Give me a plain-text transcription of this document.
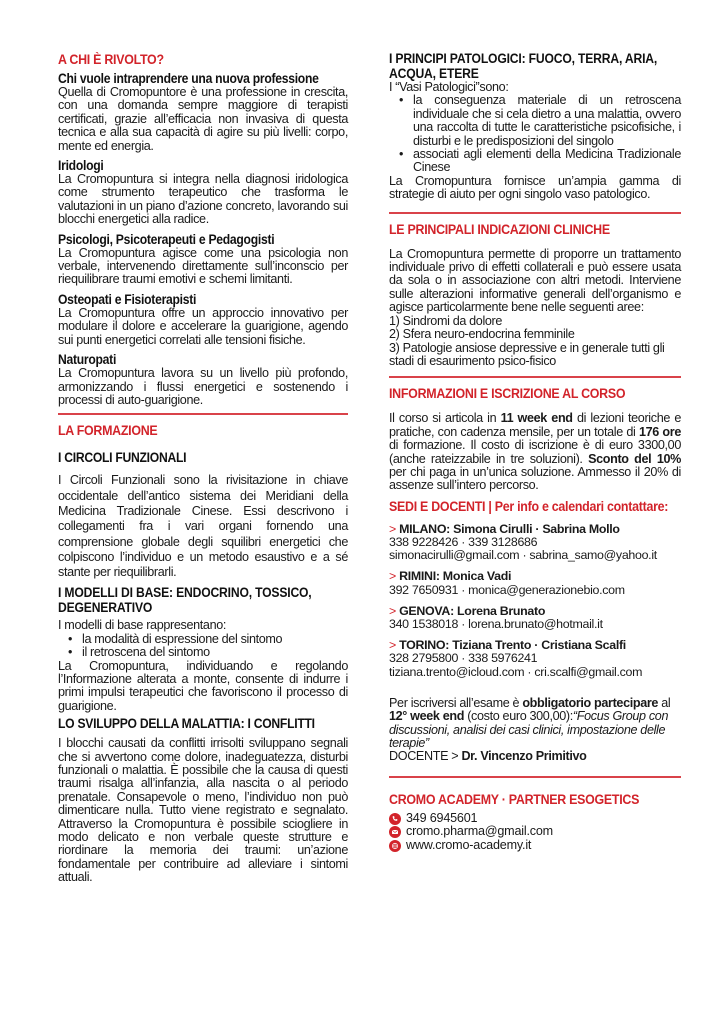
A CHI È RIVOLTO?
Chi vuole intraprendere una nuova professione
Quella di Cromopuntore è una professione in crescita, con una domanda sempre maggiore di terapisti certificati, grazie all’efficacia non invasiva di questa tecnica e alla sua capacità di agire su più livelli: corpo, mente ed energia.
Iridologi
La Cromopuntura si integra nella diagnosi iridologica come strumento terapeutico che trasforma le valutazioni in un piano d’azione concreto, lavorando sui blocchi energetici alla radice.
Psicologi, Psicoterapeuti e Pedagogisti
La Cromopuntura agisce come una psicologia non verbale, intervenendo direttamente sull’inconscio per riequilibrare traumi emotivi e schemi limitanti.
Osteopati e Fisioterapisti
La Cromopuntura offre un approccio innovativo per modulare il dolore e accelerare la guarigione, agendo sui punti energetici correlati alle tensioni fisiche.
Naturopati
La Cromopuntura lavora su un livello più profondo, armonizzando i flussi energetici e sostenendo i processi di auto-guarigione.
LA FORMAZIONE
I CIRCOLI FUNZIONALI
I Circoli Funzionali sono la rivisitazione in chiave occidentale dell’antico sistema dei Meridiani della Medicina Tradizionale Cinese. Essi descrivono i collegamenti fra i vari organi fornendo una comprensione globale degli squilibri energetici che colpiscono l’individuo e un metodo esaustivo e a sé stante per riequilibrarli.
I MODELLI DI BASE: ENDOCRINO, TOSSICO, DEGENERATIVO
I modelli di base rappresentano:
• la modalità di espressione del sintomo
• il retroscena del sintomo
La Cromopuntura, individuando e regolando l’Informazione alterata a monte, consente di indurre i primi impulsi terapeutici che favoriscono il processo di guarigione.
LO SVILUPPO DELLA MALATTIA: I CONFLITTI
I blocchi causati da conflitti irrisolti sviluppano segnali che si avvertono come dolore, inadeguatezza, disturbi funzionali o malattia. È possibile che la causa di questi traumi risalga all’infanzia, alla nascita o al periodo prenatale. Consapevole o meno, l’individuo non può dimenticare nulla. Tutto viene registrato e segnalato. Attraverso la Cromopuntura è possibile sciogliere in modo delicato e non verbale queste strutture e riordinare la memoria dei traumi: un’azione fondamentale per contribuire ad alleviare i sintomi attuali.
I PRINCIPI PATOLOGICI: FUOCO, TERRA, ARIA, ACQUA, ETERE
I “Vasi Patologici”sono:
• la conseguenza materiale di un retroscena individuale che si cela dietro a una malattia, ovvero una raccolta di tutte le caratteristiche psicofisiche, i disturbi e le predisposizioni del singolo
• associati agli elementi della Medicina Tradizionale Cinese
La Cromopuntura fornisce un’ampia gamma di strategie di aiuto per ogni singolo vaso patologico.
LE PRINCIPALI INDICAZIONI CLINICHE
La Cromopuntura permette di proporre un trattamento individuale privo di effetti collaterali e può essere usata da sola o in associazione con altri metodi. Interviene sulle alterazioni informative generali dell’organismo e agisce particolarmente bene nelle seguenti aree:
1) Sindromi da dolore
2) Sfera neuro-endocrina femminile
3) Patologie ansiose depressive e in generale tutti gli stadi di esaurimento psico-fisico
INFORMAZIONI E ISCRIZIONE AL CORSO
Il corso si articola in 11 week end di lezioni teoriche e pratiche, con cadenza mensile, per un totale di 176 ore di formazione. Il costo di iscrizione è di euro 3300,00 (anche rateizzabile in tre soluzioni). Sconto del 10% per chi paga in un’unica soluzione. Ammesso il 20% di assenze sull’intero percorso.
SEDI E DOCENTI | Per info e calendari contattare:
> MILANO: Simona Cirulli · Sabrina Mollo
338 9228426 · 339 3128686
simonacirulli@gmail.com · sabrina_samo@yahoo.it
> RIMINI: Monica Vadi
392 7650931 · monica@generazionebio.com
> GENOVA: Lorena Brunato
340 1538018 · lorena.brunato@hotmail.it
> TORINO: Tiziana Trento · Cristiana Scalfi
328 2795800 · 338 5976241
tiziana.trento@icloud.com · cri.scalfi@gmail.com
Per iscriversi all’esame è obbligatorio partecipare al 12° week end (costo euro 300,00):“Focus Group con discussioni, analisi dei casi clinici, impostazione delle terapie”
DOCENTE > Dr. Vincenzo Primitivo
CROMO ACADEMY · PARTNER ESOGETICS
349 6945601
cromo.pharma@gmail.com
www.cromo-academy.it
